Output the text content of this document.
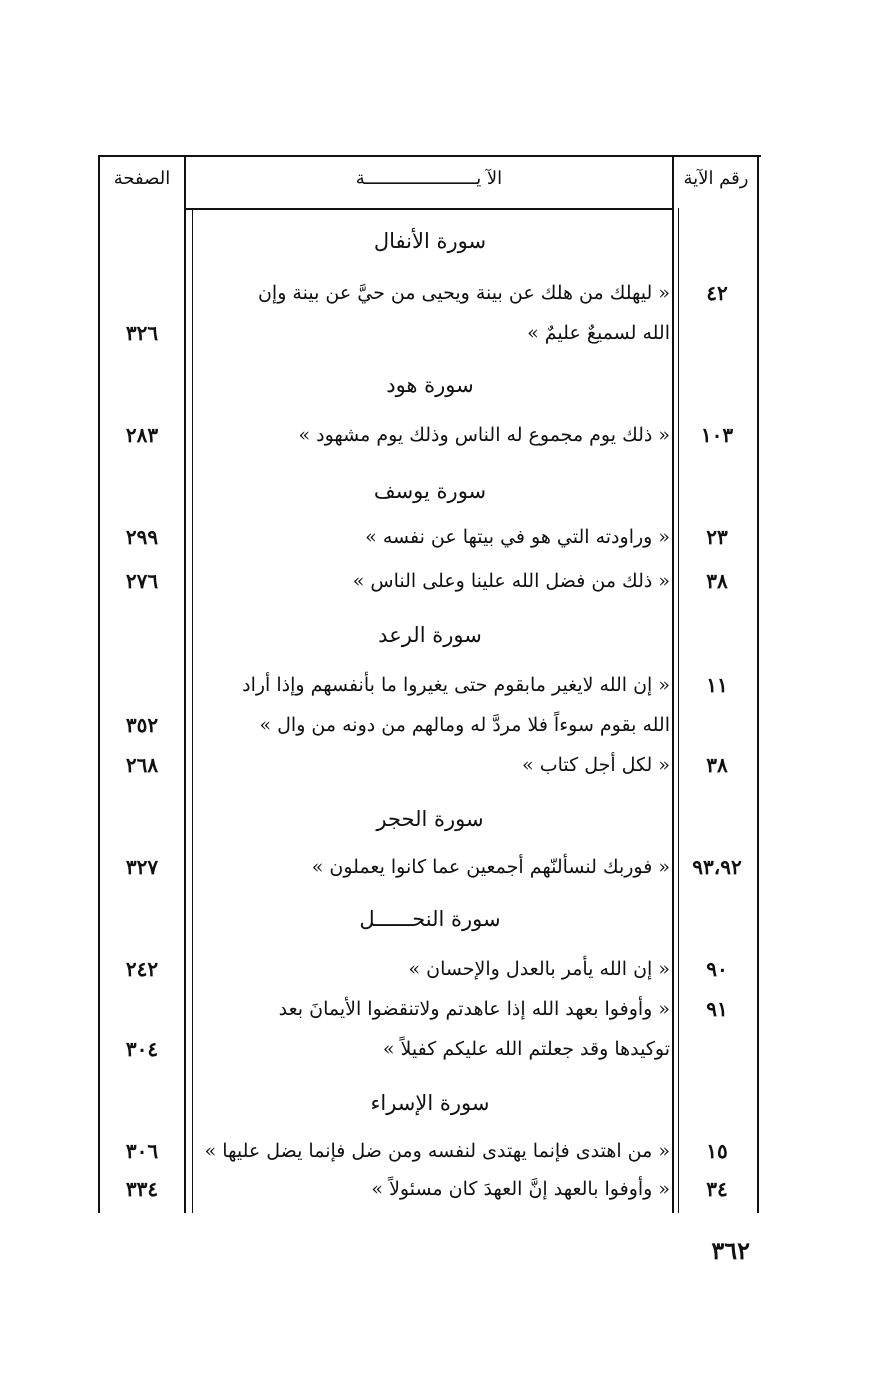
الصفحة	الآ يـــــــــــــــــــــة	رقم الآية
سورة الأنفال
٤٢
« ليهلك من هلك عن بينة ويحيى من حيَّ عن بينة وإن
الله لسميعٌ عليمٌ »
٣٢٦
سورة هود
١٠٣
« ذلك يوم مجموع له الناس وذلك يوم مشهود »
٢٨٣
سورة يوسف
٢٣
« وراودته التي هو في بيتها عن نفسه »
٢٩٩
٣٨
« ذلك من فضل الله علينا وعلى الناس »
٢٧٦
سورة الرعد
١١
« إن الله لايغير مابقوم حتى يغيروا ما بأنفسهم وإذا أراد
الله بقوم سوءاً فلا مردَّ له ومالهم من دونه من وال »
٣٥٢
٣٨
« لكل أجل كتاب »
٢٦٨
سورة الحجر
٩٣،٩٢
« فوربك لنسألنّهم أجمعين عما كانوا يعملون »
٣٢٧
سورة النحــــــل
٩٠
« إن الله يأمر بالعدل والإحسان »
٢٤٢
٩١
« وأوفوا بعهد الله إذا عاهدتم ولاتنقضوا الأيمانَ بعد
توكيدها وقد جعلتم الله عليكم كفيلاً »
٣٠٤
سورة الإسراء
١٥
« من اهتدى فإنما يهتدى لنفسه ومن ضل فإنما يضل عليها »
٣٠٦
٣٤
« وأوفوا بالعهد إنَّ العهدَ كان مسئولاً »
٣٣٤
٣٦٢
